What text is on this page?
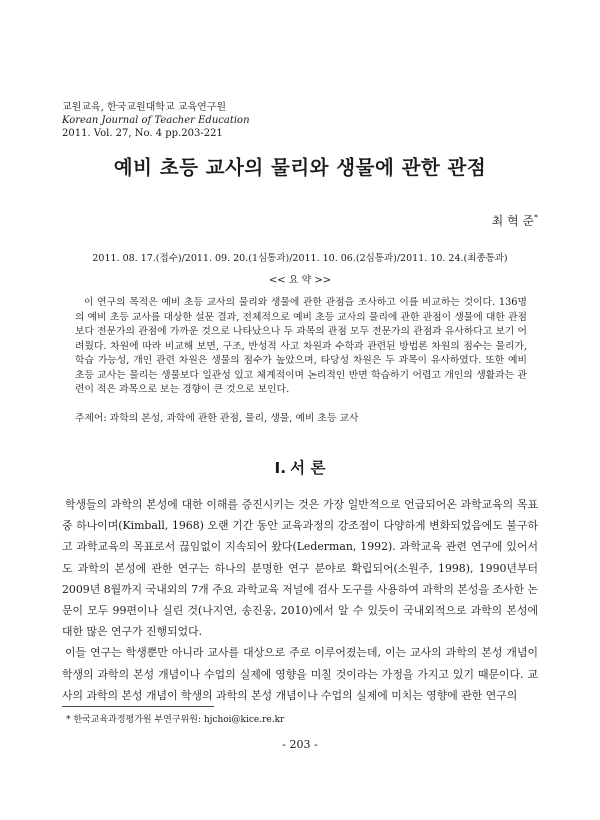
교원교육, 한국교원대학교 교육연구원
Korean Journal of Teacher Education
2011. Vol. 27, No. 4 pp.203-221
예비 초등 교사의 물리와 생물에 관한 관점
최 혁 준*
2011. 08. 17.(접수)/2011. 09. 20.(1심통과)/2011. 10. 06.(2심통과)/2011. 10. 24.(최종통과)
<< 요 약 >>
이 연구의 목적은 예비 초등 교사의 물리와 생물에 관한 관점을 조사하고 이를 비교하는 것이다. 136명의 예비 초등 교사를 대상한 설문 결과, 전체적으로 예비 초등 교사의 물리에 관한 관점이 생물에 대한 관점보다 전문가의 관점에 가까운 것으로 나타났으나 두 과목의 관점 모두 전문가의 관점과 유사하다고 보기 어려웠다. 차원에 따라 비교해 보면, 구조, 반성적 사고 차원과 수학과 관련된 방법론 차원의 점수는 물리가, 학습 가능성, 개인 관련 차원은 생물의 점수가 높았으며, 타당성 차원은 두 과목이 유사하였다. 또한 예비 초등 교사는 물리는 생물보다 일관성 있고 체계적이며 논리적인 반면 학습하기 어렵고 개인의 생활과는 관련이 적은 과목으로 보는 경향이 큰 것으로 보인다.
주제어: 과학의 본성, 과학에 관한 관점, 물리, 생물, 예비 초등 교사
Ⅰ. 서 론

학생들의 과학의 본성에 대한 이해를 증진시키는 것은 가장 일반적으로 언급되어온 과학교육의 목표 중 하나이며(Kimball, 1968) 오랜 기간 동안 교육과정의 강조점이 다양하게 변화되었음에도 불구하고 과학교육의 목표로서 끊임없이 지속되어 왔다(Lederman, 1992). 과학교육 관련 연구에 있어서도 과학의 본성에 관한 연구는 하나의 분명한 연구 분야로 확립되어(소원주, 1998), 1990년부터 2009년 8월까지 국내외의 7개 주요 과학교육 저널에 검사 도구를 사용하여 과학의 본성을 조사한 논문이 모두 99편이나 실린 것(나지연, 송진웅, 2010)에서 알 수 있듯이 국내외적으로 과학의 본성에 대한 많은 연구가 진행되었다.

이들 연구는 학생뿐만 아니라 교사를 대상으로 주로 이루어졌는데, 이는 교사의 과학의 본성 개념이 학생의 과학의 본성 개념이나 수업의 실제에 영향을 미칠 것이라는 가정을 가지고 있기 때문이다. 교사의 과학의 본성 개념이 학생의 과학의 본성 개념이나 수업의 실제에 미치는 영향에 관한 연구의

* 한국교육과정평가원 부연구위원: hjchoi@kice.re.kr
- 203 -
